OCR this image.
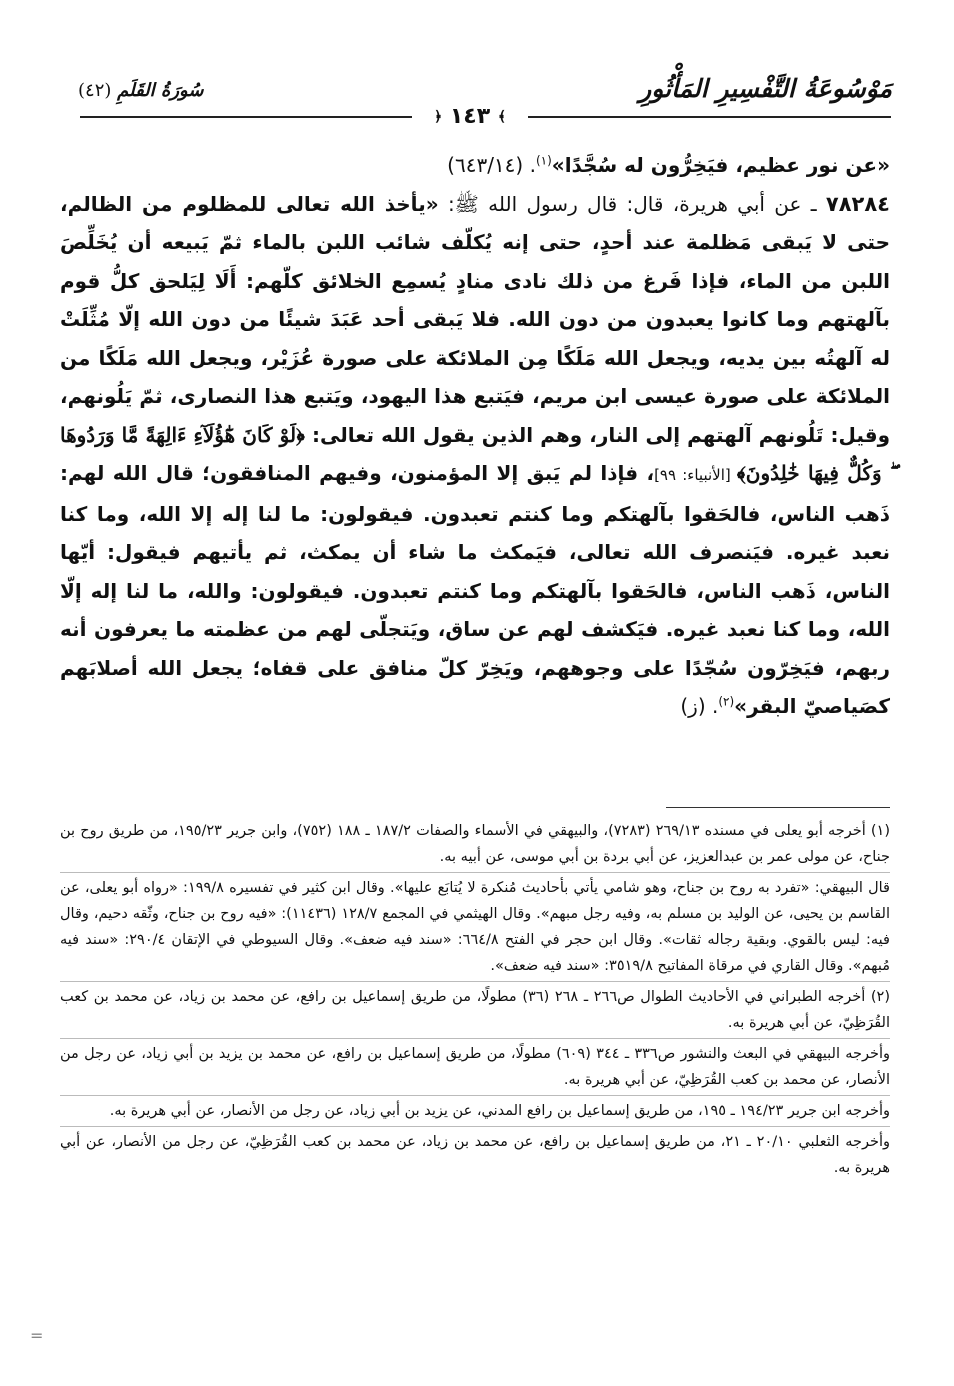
مَوْسُوعَةُ التَّفْسِيرِ المَأْثُورِ
سُورَةُ القَلَمِ (٤٢)
﴾ ١٤٣ ﴿

«عن نور عظيم، فيَخِرُّون له سُجَّدًا»$^{(١)}$. (٦٤٣/١٤)

٧٨٢٨٤ ـ عن أبي هريرة، قال: قال رسول الله ﷺ: «يأخذ الله تعالى للمظلوم من الظالم، حتى لا يَبقى مَظلمة عند أحدٍ، حتى إنه يُكلّف شائب اللبن بالماء ثمّ يَبيعه أن يُخَلِّصَ اللبن من الماء، فإذا فَرغ من ذلك نادى منادٍ يُسمِع الخلائق كلّهم: أَلَا لِيَلحق كلُّ قوم بآلهتهم وما كانوا يعبدون من دون الله. فلا يَبقى أحد عَبَدَ شيئًا من دون الله إلّا مُثِّلَتْ له آلهتُه بين يديه، ويجعل الله مَلَكًا مِن الملائكة على صورة عُزَيْر، ويجعل الله مَلَكًا من الملائكة على صورة عيسى ابن مريم، فيَتبع هذا اليهود، ويَتبع هذا النصارى، ثمّ يَلُونهم، وقيل: تَلُونهم آلهتهم إلى النار، وهم الذين يقول الله تعالى: ﴿لَوْ كَانَ هَٰٓؤُلَآءِ ءَالِهَةً مَّا وَرَدُوهَا ۖ وَكُلٌّ فِيهَا خَٰلِدُونَ﴾ [الأنبياء: ٩٩]، فإذا لم يَبق إلا المؤمنون، وفيهم المنافقون؛ قال الله لهم: ذَهب الناس، فالحَقوا بآلهتكم وما كنتم تعبدون. فيقولون: ما لنا إله إلا الله، وما كنا نعبد غيره. فيَنصرف الله تعالى، فيَمكث ما شاء أن يمكث، ثم يأتيهم فيقول: أيّها الناس، ذَهب الناس، فالحَقوا بآلهتكم وما كنتم تعبدون. فيقولون: والله، ما لنا إله إلّا الله، وما كنا نعبد غيره. فيَكشف لهم عن ساق، ويَتجلّى لهم من عظمته ما يعرفون أنه ربهم، فيَخِرّون سُجّدًا على وجوههم، ويَخِرّ كلّ منافق على قفاه؛ يجعل الله أصلابَهم كصَياصيّ البقر»$^{(٢)}$. (ز)

(١) أخرجه أبو يعلى في مسنده ٢٦٩/١٣ (٧٢٨٣)، والبيهقي في الأسماء والصفات ١٨٧/٢ ـ ١٨٨ (٧٥٢)، وابن جرير ١٩٥/٢٣، من طريق روح بن جناح، عن مولى عمر بن عبدالعزيز، عن أبي بردة بن أبي موسى، عن أبيه به.

قال البيهقي: «تفرد به روح بن جناح، وهو شامي يأتي بأحاديث مُنكرة لا يُتابَع عليها». وقال ابن كثير في تفسيره ١٩٩/٨: «رواه أبو يعلى، عن القاسم بن يحيى، عن الوليد بن مسلم به، وفيه رجل مبهم». وقال الهيثمي في المجمع ١٢٨/٧ (١١٤٣٦): «فيه روح بن جناح، وثّقه دحيم، وقال فيه: ليس بالقوي. وبقية رجاله ثقات». وقال ابن حجر في الفتح ٦٦٤/٨: «سند فيه ضعف». وقال السيوطي في الإتقان ٢٩٠/٤: «سند فيه مُبهم». وقال القاري في مرقاة المفاتيح ٣٥١٩/٨: «سند فيه ضعف».

(٢) أخرجه الطبراني في الأحاديث الطوال ص٢٦٦ ـ ٢٦٨ (٣٦) مطولًا، من طريق إسماعيل بن رافع، عن محمد بن زياد، عن محمد بن كعب القُرَظِيّ، عن أبي هريرة به.

وأخرجه البيهقي في البعث والنشور ص٣٣٦ ـ ٣٤٤ (٦٠٩) مطولًا، من طريق إسماعيل بن رافع، عن محمد بن يزيد بن أبي زياد، عن رجل من الأنصار، عن محمد بن كعب القُرَظِيّ، عن أبي هريرة به.

وأخرجه ابن جرير ١٩٤/٢٣ ـ ١٩٥، من طريق إسماعيل بن رافع المدني، عن يزيد بن أبي زياد، عن رجل من الأنصار، عن أبي هريرة به.

وأخرجه الثعلبي ٢٠/١٠ ـ ٢١، من طريق إسماعيل بن رافع، عن محمد بن زياد، عن محمد بن كعب القُرَظِيّ، عن رجل من الأنصار، عن أبي هريرة به.

=
